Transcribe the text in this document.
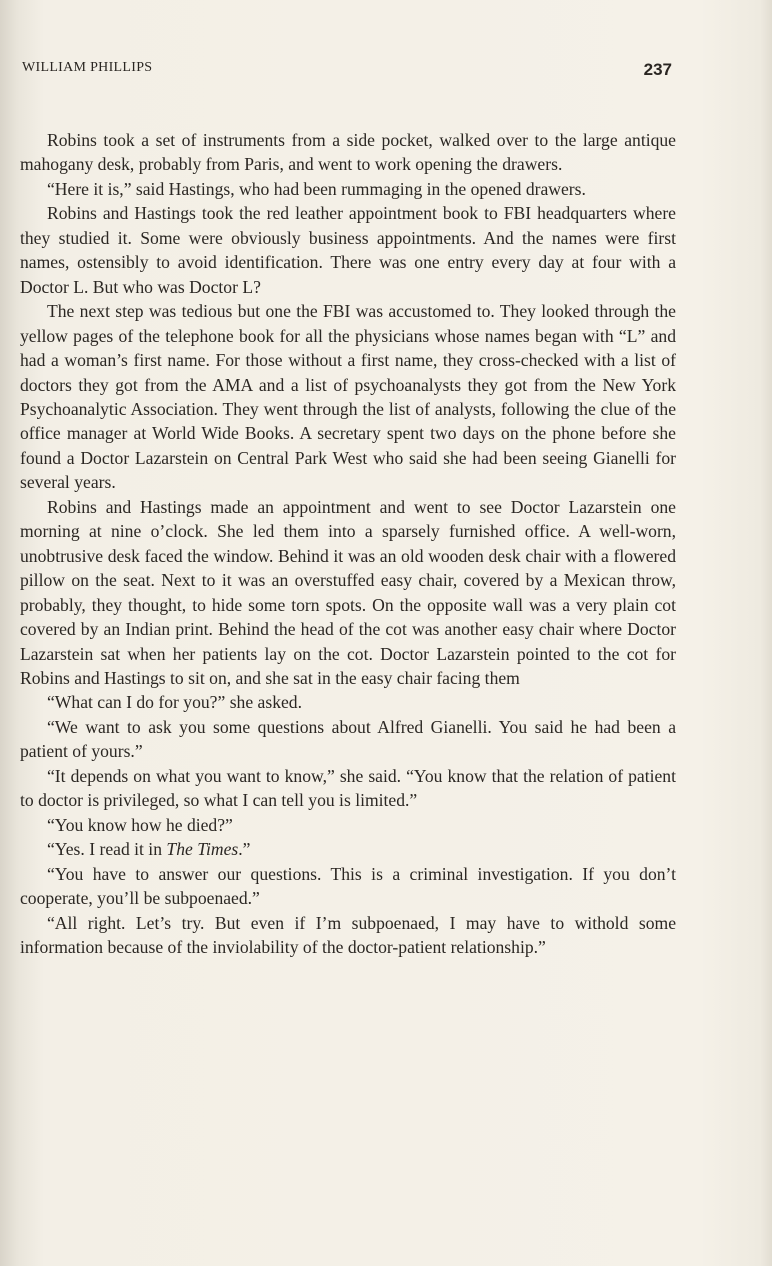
WILLIAM PHILLIPS	237

Robins took a set of instruments from a side pocket, walked over to the large antique mahogany desk, probably from Paris, and went to work opening the drawers.

“Here it is,” said Hastings, who had been rummaging in the opened drawers.

Robins and Hastings took the red leather appointment book to FBI headquarters where they studied it. Some were obviously business appointments. And the names were first names, ostensibly to avoid identification. There was one entry every day at four with a Doctor L. But who was Doctor L?

The next step was tedious but one the FBI was accustomed to. They looked through the yellow pages of the telephone book for all the physicians whose names began with “L” and had a woman’s first name. For those without a first name, they cross-checked with a list of doctors they got from the AMA and a list of psychoanalysts they got from the New York Psychoanalytic Association. They went through the list of analysts, following the clue of the office manager at World Wide Books. A secretary spent two days on the phone before she found a Doctor Lazarstein on Central Park West who said she had been seeing Gianelli for several years.

Robins and Hastings made an appointment and went to see Doctor Lazarstein one morning at nine o’clock. She led them into a sparsely furnished office. A well-worn, unobtrusive desk faced the window. Behind it was an old wooden desk chair with a flowered pillow on the seat. Next to it was an overstuffed easy chair, covered by a Mexican throw, probably, they thought, to hide some torn spots. On the opposite wall was a very plain cot covered by an Indian print. Behind the head of the cot was another easy chair where Doctor Lazarstein sat when her patients lay on the cot. Doctor Lazarstein pointed to the cot for Robins and Hastings to sit on, and she sat in the easy chair facing them

“What can I do for you?” she asked.

“We want to ask you some questions about Alfred Gianelli. You said he had been a patient of yours.”

“It depends on what you want to know,” she said. “You know that the relation of patient to doctor is privileged, so what I can tell you is limited.”

“You know how he died?”

“Yes. I read it in The Times.”

“You have to answer our questions. This is a criminal investigation. If you don’t cooperate, you’ll be subpoenaed.”

“All right. Let’s try. But even if I’m subpoenaed, I may have to withold some information because of the inviolability of the doctor-patient relationship.”
